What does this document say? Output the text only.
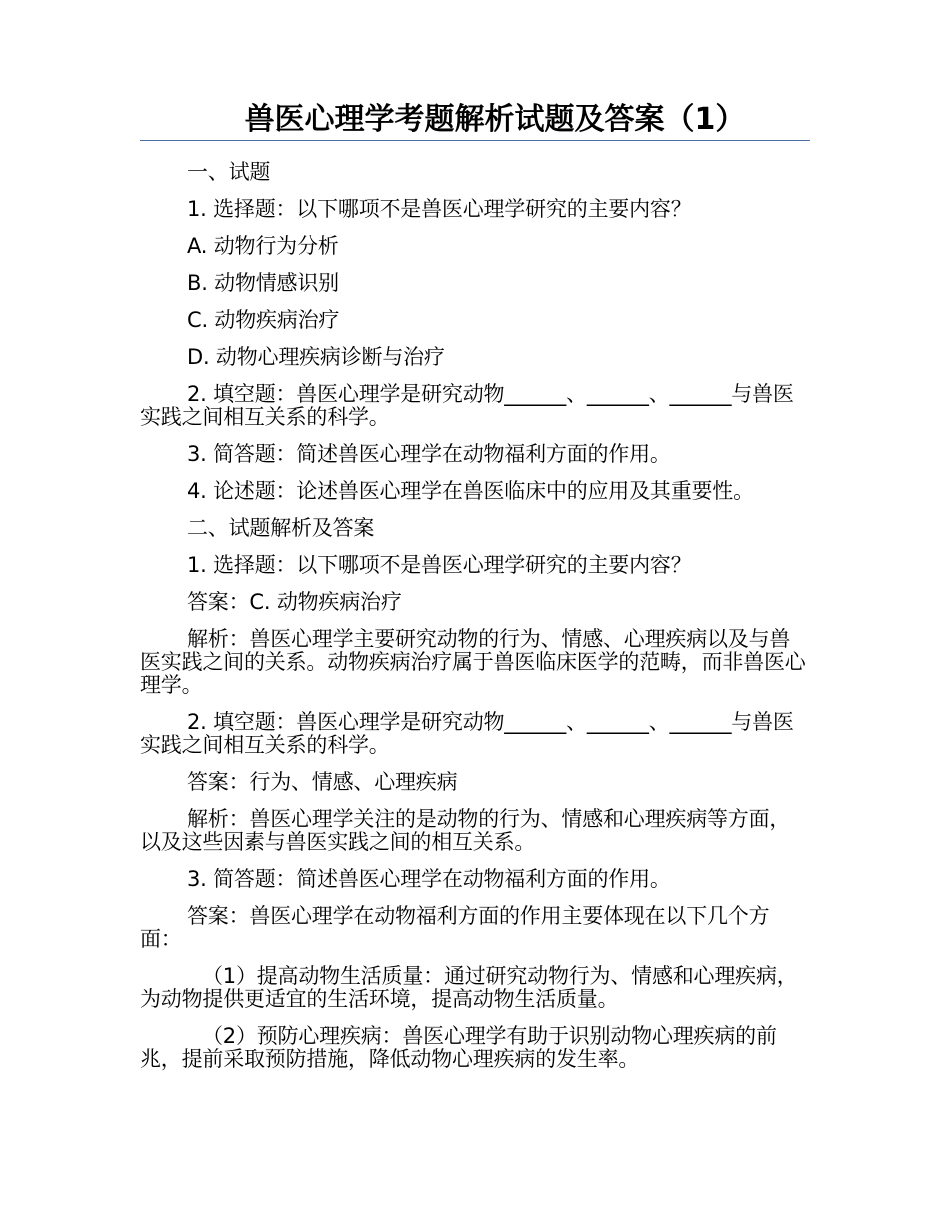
兽医心理学考题解析试题及答案（1）

一、试题

1. 选择题：以下哪项不是兽医心理学研究的主要内容？

A. 动物行为分析

B. 动物情感识别

C. 动物疾病治疗

D. 动物心理疾病诊断与治疗

2. 填空题：兽医心理学是研究动物______、______、______与兽医实践之间相互关系的科学。

3. 简答题：简述兽医心理学在动物福利方面的作用。

4. 论述题：论述兽医心理学在兽医临床中的应用及其重要性。

二、试题解析及答案

1. 选择题：以下哪项不是兽医心理学研究的主要内容？

答案：C. 动物疾病治疗

解析：兽医心理学主要研究动物的行为、情感、心理疾病以及与兽医实践之间的关系。动物疾病治疗属于兽医临床医学的范畴，而非兽医心理学。

2. 填空题：兽医心理学是研究动物______、______、______与兽医实践之间相互关系的科学。

答案：行为、情感、心理疾病

解析：兽医心理学关注的是动物的行为、情感和心理疾病等方面，以及这些因素与兽医实践之间的相互关系。

3. 简答题：简述兽医心理学在动物福利方面的作用。

答案：兽医心理学在动物福利方面的作用主要体现在以下几个方面：

（1）提高动物生活质量：通过研究动物行为、情感和心理疾病，为动物提供更适宜的生活环境，提高动物生活质量。

（2）预防心理疾病：兽医心理学有助于识别动物心理疾病的前兆，提前采取预防措施，降低动物心理疾病的发生率。
